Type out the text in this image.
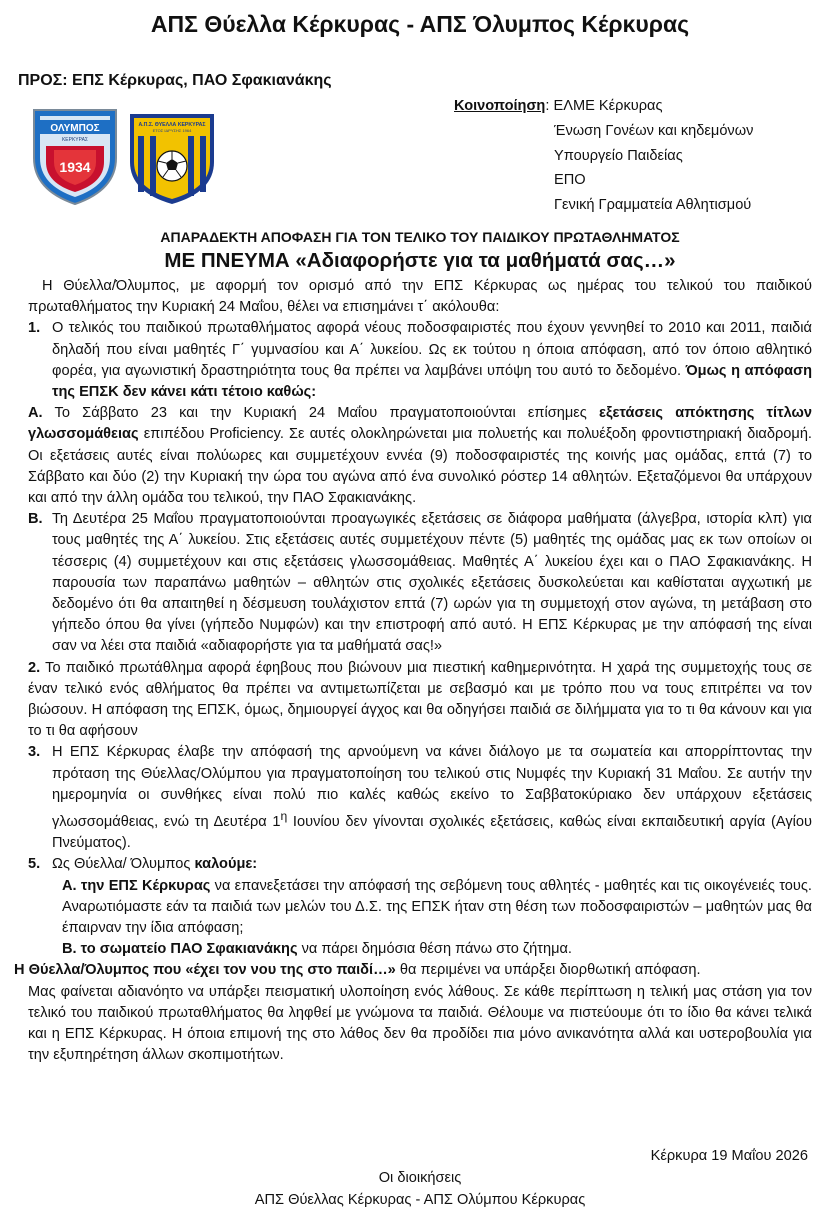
ΑΠΣ Θύελλα Κέρκυρας - ΑΠΣ Όλυμπος Κέρκυρας
ΠΡΟΣ: ΕΠΣ Κέρκυρας, ΠΑΟ Σφακιανάκης
Κοινοποίηση: ΕΛΜΕ Κέρκυρας
Ένωση Γονέων και κηδεμόνων
Υπουργείο Παιδείας
ΕΠΟ
Γενική Γραμματεία Αθλητισμού
ΟΛΥΜΠΟΣ
ΚΕΡΚΥΡΑΣ
1934
Α.Π.Σ. ΘΥΕΛΛΑ ΚΕΡΚΥΡΑΣ
ΕΤΟΣ ΙΔΡΥΣΗΣ 1964
ΑΠΑΡΑΔΕΚΤΗ ΑΠΟΦΑΣΗ ΓΙΑ ΤΟΝ ΤΕΛΙΚΟ ΤΟΥ ΠΑΙΔΙΚΟΥ ΠΡΩΤΑΘΛΗΜΑΤΟΣ
ΜΕ ΠΝΕΥΜΑ «Αδιαφορήστε για τα μαθήματά σας…»

Η Θύελλα/Όλυμπος, με αφορμή τον ορισμό από την ΕΠΣ Κέρκυρας ως ημέρας του τελικού του παιδικού πρωταθλήματος την Κυριακή 24 Μαΐου, θέλει να επισημάνει τ΄ ακόλουθα:

1. Ο τελικός του παιδικού πρωταθλήματος αφορά νέους ποδοσφαιριστές που έχουν γεννηθεί το 2010 και 2011, παιδιά δηλαδή που είναι μαθητές Γ΄ γυμνασίου και Α΄ λυκείου. Ως εκ τούτου η όποια απόφαση, από τον όποιο αθλητικό φορέα, για αγωνιστική δραστηριότητα τους θα πρέπει να λαμβάνει υπόψη του αυτό το δεδομένο. Όμως η απόφαση της ΕΠΣΚ δεν κάνει κάτι τέτοιο καθώς:

Α. Το Σάββατο 23 και την Κυριακή 24 Μαΐου πραγματοποιούνται επίσημες εξετάσεις απόκτησης τίτλων γλωσσομάθειας επιπέδου Proficiency. Σε αυτές ολοκληρώνεται μια πολυετής και πολυέξοδη φροντιστηριακή διαδρομή. Οι εξετάσεις αυτές είναι πολύωρες και συμμετέχουν εννέα (9) ποδοσφαιριστές της κοινής μας ομάδας, επτά (7) το Σάββατο και δύο (2) την Κυριακή την ώρα του αγώνα από ένα συνολικό ρόστερ 14 αθλητών. Εξεταζόμενοι θα υπάρχουν και από την άλλη ομάδα του τελικού, την ΠΑΟ Σφακιανάκης.

Β. Τη Δευτέρα 25 Μαΐου πραγματοποιούνται προαγωγικές εξετάσεις σε διάφορα μαθήματα (άλγεβρα, ιστορία κλπ) για τους μαθητές της Α΄ λυκείου. Στις εξετάσεις αυτές συμμετέχουν πέντε (5) μαθητές της ομάδας μας εκ των οποίων οι τέσσερις (4) συμμετέχουν και στις εξετάσεις γλωσσομάθειας. Μαθητές Α΄ λυκείου έχει και ο ΠΑΟ Σφακιανάκης. Η παρουσία των παραπάνω μαθητών – αθλητών στις σχολικές εξετάσεις δυσκολεύεται και καθίσταται αγχωτική με δεδομένο ότι θα απαιτηθεί η δέσμευση τουλάχιστον επτά (7) ωρών για τη συμμετοχή στον αγώνα, τη μετάβαση στο γήπεδο όπου θα γίνει (γήπεδο Νυμφών) και την επιστροφή από αυτό. Η ΕΠΣ Κέρκυρας με την απόφασή της είναι σαν να λέει στα παιδιά «αδιαφορήστε για τα μαθήματά σας!»

2. Το παιδικό πρωτάθλημα αφορά έφηβους που βιώνουν μια πιεστική καθημερινότητα. Η χαρά της συμμετοχής τους σε έναν τελικό ενός αθλήματος θα πρέπει να αντιμετωπίζεται με σεβασμό και με τρόπο που να τους επιτρέπει να τον βιώσουν. Η απόφαση της ΕΠΣΚ, όμως, δημιουργεί άγχος και θα οδηγήσει παιδιά σε διλήμματα για το τι θα κάνουν και για το τι θα αφήσουν

3. Η ΕΠΣ Κέρκυρας έλαβε την απόφασή της αρνούμενη να κάνει διάλογο με τα σωματεία και απορρίπτοντας την πρόταση της Θύελλας/Ολύμπου για πραγματοποίηση του τελικού στις Νυμφές την Κυριακή 31 Μαΐου. Σε αυτήν την ημερομηνία οι συνθήκες είναι πολύ πιο καλές καθώς εκείνο το Σαββατοκύριακο δεν υπάρχουν εξετάσεις γλωσσομάθειας, ενώ τη Δευτέρα $1^\eta$ Ιουνίου δεν γίνονται σχολικές εξετάσεις, καθώς είναι εκπαιδευτική αργία (Αγίου Πνεύματος).
5. Ως Θύελλα/ Όλυμπος καλούμε:

Α. την ΕΠΣ Κέρκυρας να επανεξετάσει την απόφασή της σεβόμενη τους αθλητές - μαθητές και τις οικογένειές τους. Αναρωτιόμαστε εάν τα παιδιά των μελών του Δ.Σ. της ΕΠΣΚ ήταν στη θέση των ποδοσφαιριστών – μαθητών μας θα έπαιρναν την ίδια απόφαση;

Β. το σωματείο ΠΑΟ Σφακιανάκης να πάρει δημόσια θέση πάνω στο ζήτημα.

Η Θύελλα/Όλυμπος που «έχει τον νου της στο παιδί…» θα περιμένει να υπάρξει διορθωτική απόφαση.

Μας φαίνεται αδιανόητο να υπάρξει πεισματική υλοποίηση ενός λάθους. Σε κάθε περίπτωση η τελική μας στάση για τον τελικό του παιδικού πρωταθλήματος θα ληφθεί με γνώμονα τα παιδιά. Θέλουμε να πιστεύουμε ότι το ίδιο θα κάνει τελικά και η ΕΠΣ Κέρκυρας. Η όποια επιμονή της στο λάθος δεν θα προδίδει πια μόνο ανικανότητα αλλά και υστεροβουλία για την εξυπηρέτηση άλλων σκοπιμοτήτων.

Κέρκυρα 19 Μαΐου 2026
Οι διοικήσεις
ΑΠΣ Θύελλας Κέρκυρας - ΑΠΣ Ολύμπου Κέρκυρας
